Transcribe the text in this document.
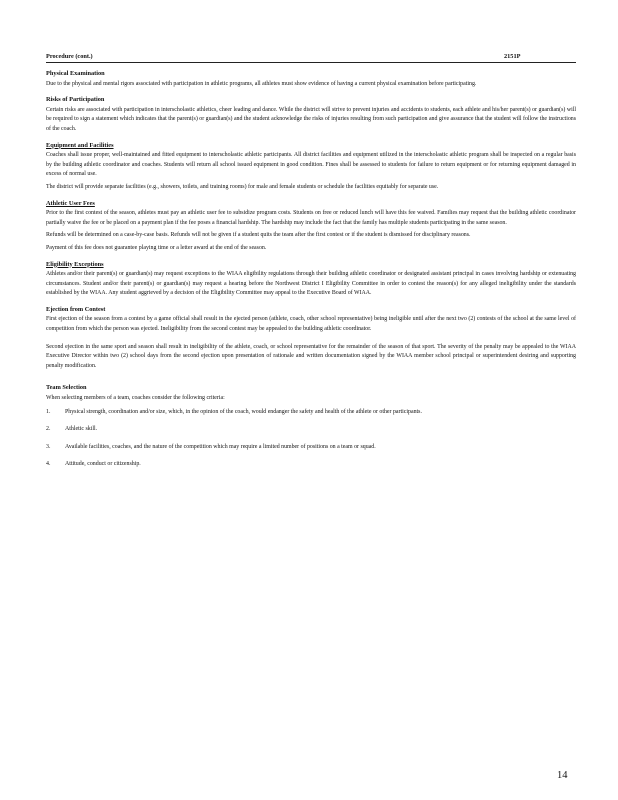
Procedure (cont.)	2151P
Physical Examination

Due to the physical and mental rigors associated with participation in athletic programs, all athletes must show evidence of having a current physical examination before participating.

Risks of Participation

Certain risks are associated with participation in interscholastic athletics, cheer leading and dance. While the district will strive to prevent injuries and accidents to students, each athlete and his/her parent(s) or guardian(s) will be required to sign a statement which indicates that the parent(s) or guardian(s) and the student acknowledge the risks of injuries resulting from such participation and give assurance that the student will follow the instructions of the coach.

Equipment and Facilities

Coaches shall issue proper, well-maintained and fitted equipment to interscholastic athletic participants. All district facilities and equipment utilized in the interscholastic athletic program shall be inspected on a regular basis by the building athletic coordinator and coaches. Students will return all school issued equipment in good condition. Fines shall be assessed to students for failure to return equipment or for returning equipment damaged in excess of normal use.

The district will provide separate facilities (e.g., showers, toilets, and training rooms) for male and female students or schedule the facilities equitably for separate use.

Athletic User Fees

Prior to the first contest of the season, athletes must pay an athletic user fee to subsidize program costs. Students on free or reduced lunch will have this fee waived. Families may request that the building athletic coordinator partially waive the fee or be placed on a payment plan if the fee poses a financial hardship. The hardship may include the fact that the family has multiple students participating in the same season.

Refunds will be determined on a case-by-case basis. Refunds will not be given if a student quits the team after the first contest or if the student is dismissed for disciplinary reasons.

Payment of this fee does not guarantee playing time or a letter award at the end of the season.

Eligibility Exceptions

Athletes and/or their parent(s) or guardian(s) may request exceptions to the WIAA eligibility regulations through their building athletic coordinator or designated assistant principal in cases involving hardship or extenuating circumstances. Student and/or their parent(s) or guardian(s) may request a hearing before the Northwest District I Eligibility Committee in order to contest the reason(s) for any alleged ineligibility under the standards established by the WIAA. Any student aggrieved by a decision of the Eligibility Committee may appeal to the Executive Board of WIAA.

Ejection from Contest

First ejection of the season from a contest by a game official shall result in the ejected person (athlete, coach, other school representative) being ineligible until after the next two (2) contests of the school at the same level of competition from which the person was ejected. Ineligibility from the second contest may be appealed to the building athletic coordinator.

Second ejection in the same sport and season shall result in ineligibility of the athlete, coach, or school representative for the remainder of the season of that sport. The severity of the penalty may be appealed to the WIAA Executive Director within two (2) school days from the second ejection upon presentation of rationale and written documentation signed by the WIAA member school principal or superintendent desiring and supporting penalty modification.

Team Selection

When selecting members of a team, coaches consider the following criteria:

1.	Physical strength, coordination and/or size, which, in the opinion of the coach, would endanger the safety and health of the athlete or other participants.
2.	Athletic skill.
3.	Available facilities, coaches, and the nature of the competition which may require a limited number of positions on a team or squad.
4.	Attitude, conduct or citizenship.
14
